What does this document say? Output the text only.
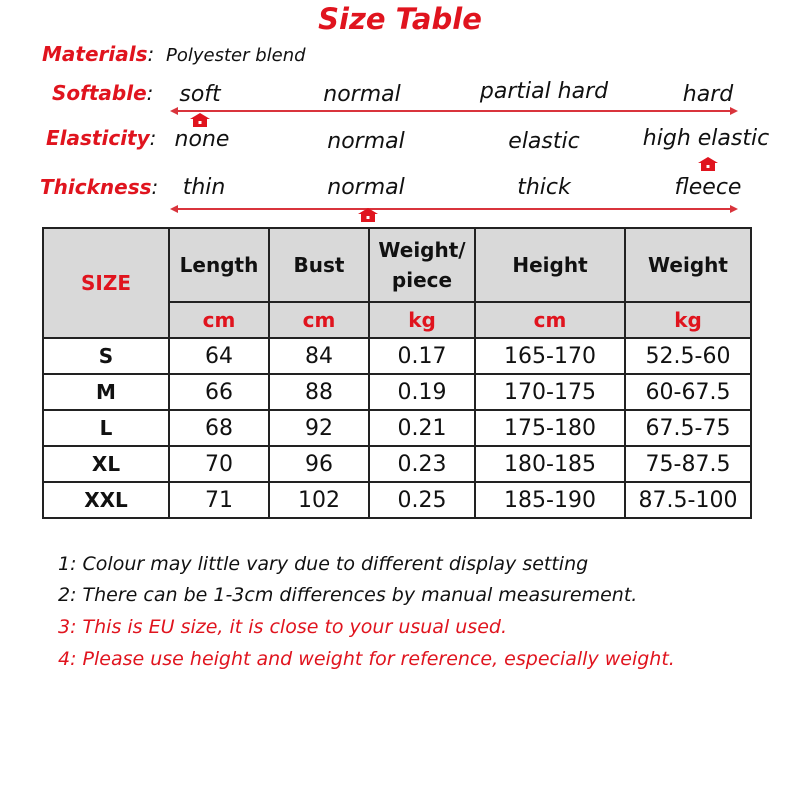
Size Table
Materials: Polyester blend
Softable: soft	normal	partial hard	hard
Elasticity: none	normal	elastic	high elastic
Thickness: thin	normal	thick	fleece
SIZE	Length	Bust	Weight/ piece	Height	Weight
	cm	cm	kg	cm	kg
S	64	84	0.17	165-170	52.5-60
M	66	88	0.19	170-175	60-67.5
L	68	92	0.21	175-180	67.5-75
XL	70	96	0.23	180-185	75-87.5
XXL	71	102	0.25	185-190	87.5-100
1: Colour may little vary due to different display setting
2: There can be 1-3cm differences by manual measurement.
3: This is EU size, it is close to your usual used.
4: Please use height and weight for reference, especially weight.
